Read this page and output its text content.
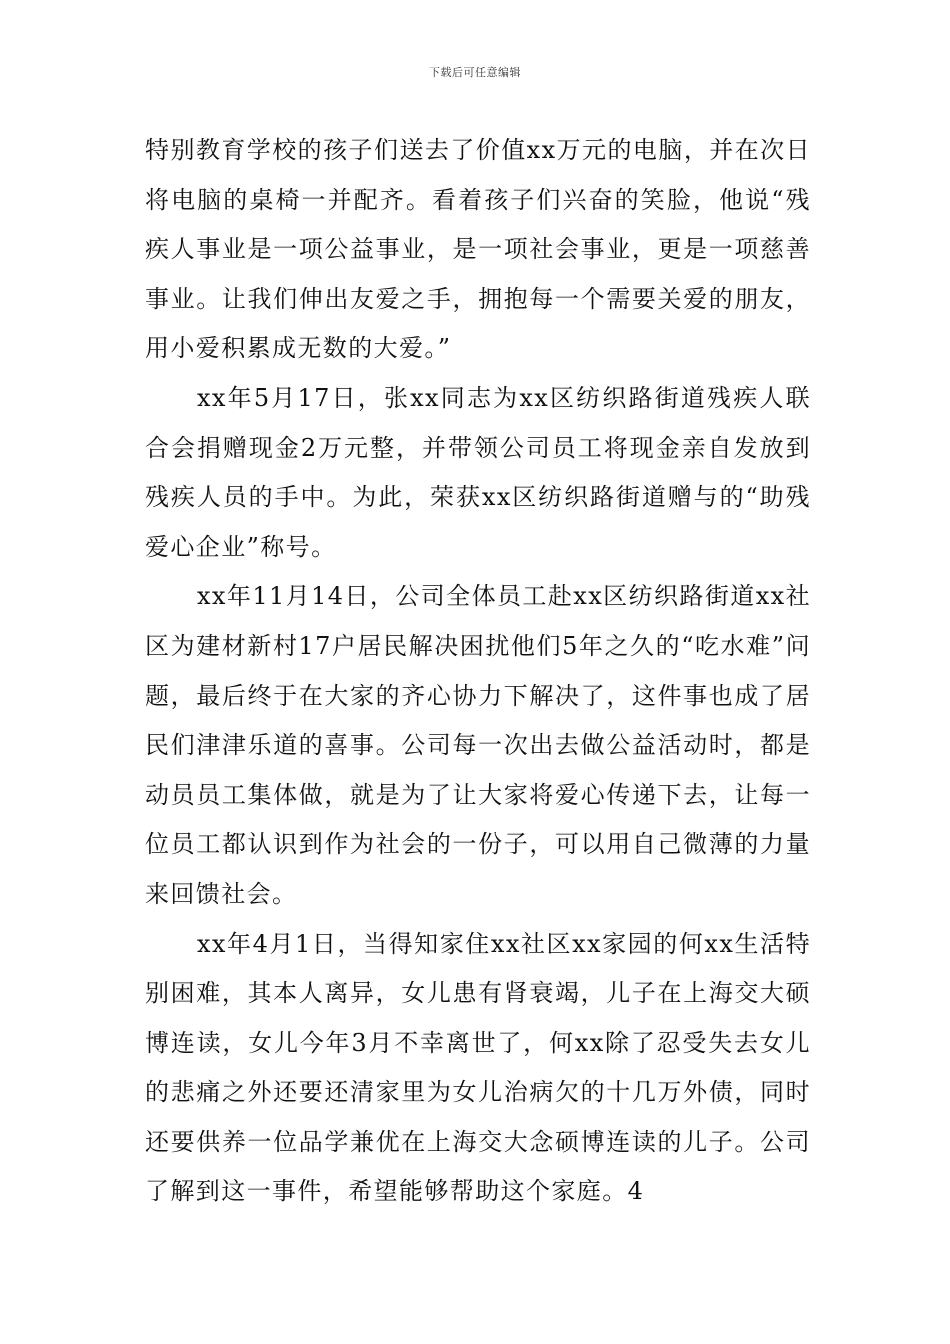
下载后可任意编辑

特别教育学校的孩子们送去了价值xx万元的电脑，并在次日将电脑的桌椅一并配齐。看着孩子们兴奋的笑脸，他说“残疾人事业是一项公益事业，是一项社会事业，更是一项慈善事业。让我们伸出友爱之手，拥抱每一个需要关爱的朋友，用小爱积累成无数的大爱。”

xx年5月17日，张xx同志为xx区纺织路街道残疾人联合会捐赠现金2万元整，并带领公司员工将现金亲自发放到残疾人员的手中。为此，荣获xx区纺织路街道赠与的“助残爱心企业”称号。

xx年11月14日，公司全体员工赴xx区纺织路街道xx社区为建材新村17户居民解决困扰他们5年之久的“吃水难”问题，最后终于在大家的齐心协力下解决了，这件事也成了居民们津津乐道的喜事。公司每一次出去做公益活动时，都是动员员工集体做，就是为了让大家将爱心传递下去，让每一位员工都认识到作为社会的一份子，可以用自己微薄的力量来回馈社会。

xx年4月1日，当得知家住xx社区xx家园的何xx生活特别困难，其本人离异，女儿患有肾衰竭，儿子在上海交大硕博连读，女儿今年3月不幸离世了，何xx除了忍受失去女儿的悲痛之外还要还清家里为女儿治病欠的十几万外债，同时还要供养一位品学兼优在上海交大念硕博连读的儿子。公司了解到这一事件，希望能够帮助这个家庭。4
